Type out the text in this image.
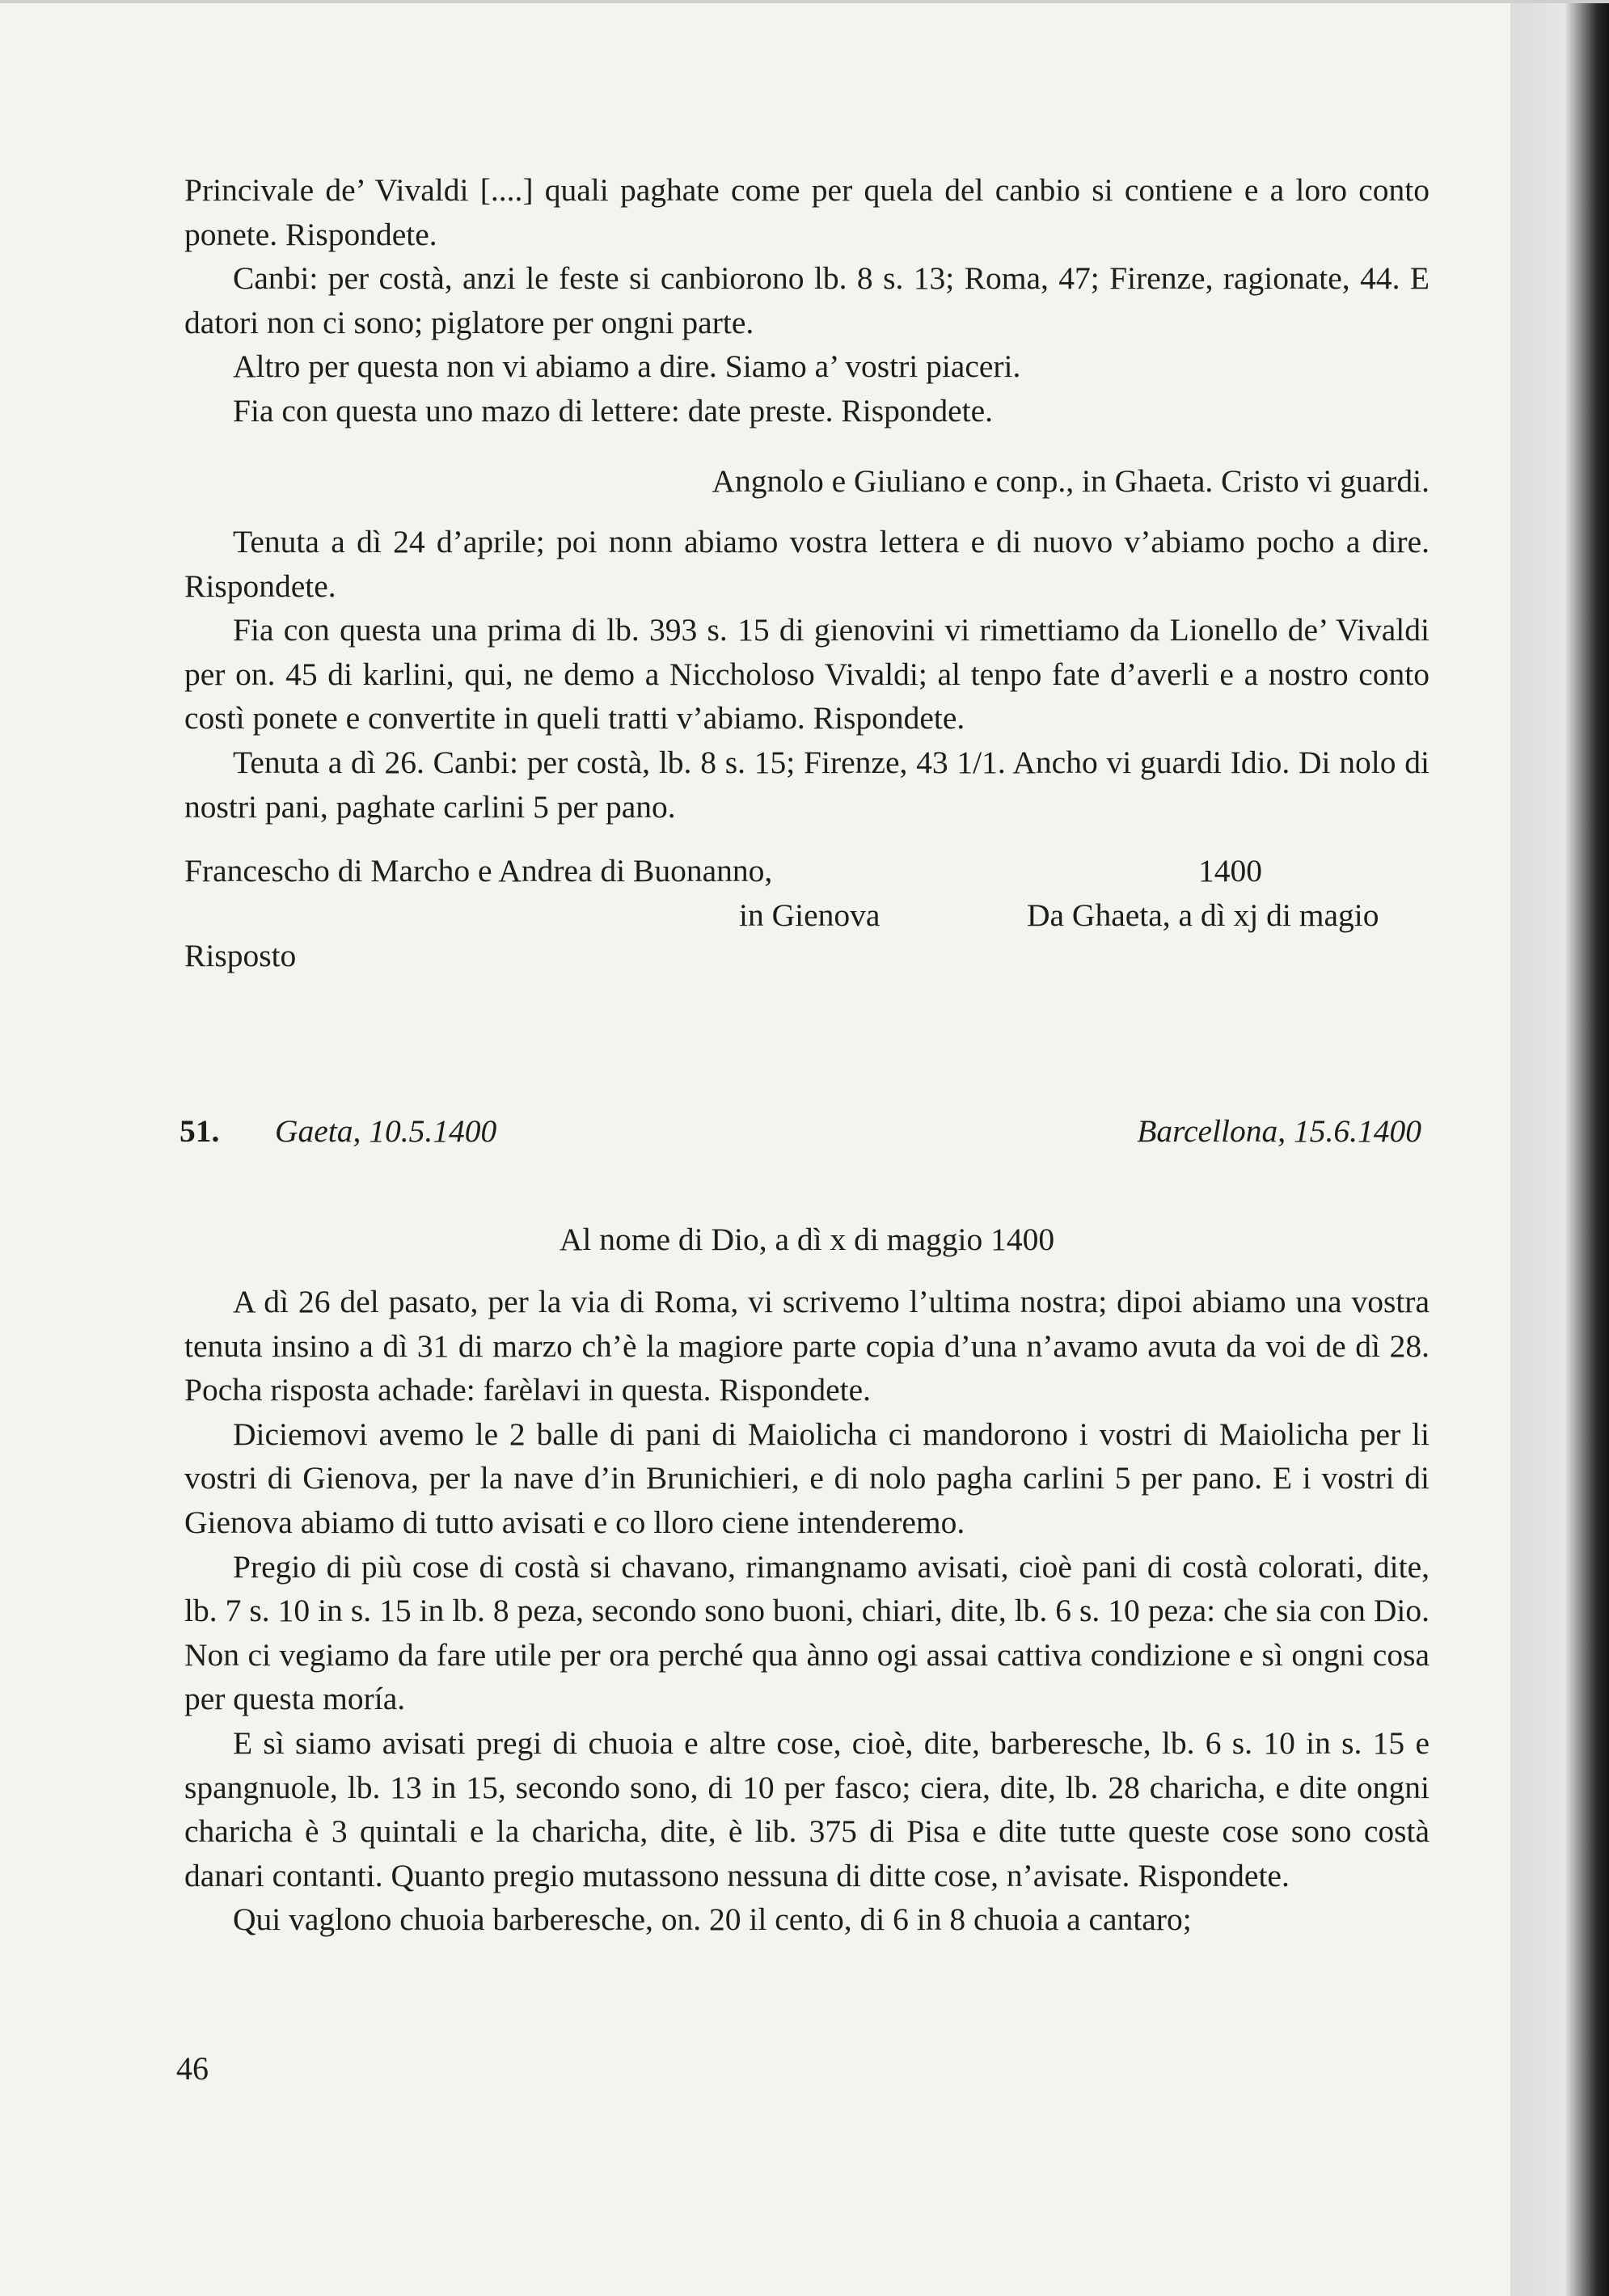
Princivale de’ Vivaldi [....] quali paghate come per quela del canbio si contiene e a loro conto ponete. Rispondete.

Canbi: per costà, anzi le feste si canbiorono lb. 8 s. 13; Roma, 47; Firenze, ragionate, 44. E datori non ci sono; piglatore per ongni parte.

Altro per questa non vi abiamo a dire. Siamo a’ vostri piaceri.

Fia con questa uno mazo di lettere: date preste. Rispondete.

Angnolo e Giuliano e conp., in Ghaeta. Cristo vi guardi.

Tenuta a dì 24 d’aprile; poi nonn abiamo vostra lettera e di nuovo v’abiamo pocho a dire. Rispondete.

Fia con questa una prima di lb. 393 s. 15 di gienovini vi rimettiamo da Lionello de’ Vivaldi per on. 45 di karlini, qui, ne demo a Niccholoso Vivaldi; al tenpo fate d’averli e a nostro conto costì ponete e convertite in queli tratti v’abiamo. Rispondete.

Tenuta a dì 26. Canbi: per costà, lb. 8 s. 15; Firenze, 43 1/1. Ancho vi guardi Idio. Di nolo di nostri pani, paghate carlini 5 per pano.

Francescho di Marcho e Andrea di Buonanno,	1400
in Gienova	Da Ghaeta, a dì xj di magio
Risposto
51. Gaeta, 10.5.1400	Barcellona, 15.6.1400
Al nome di Dio, a dì x di maggio 1400

A dì 26 del pasato, per la via di Roma, vi scrivemo l’ultima nostra; dipoi abiamo una vostra tenuta insino a dì 31 di marzo ch’è la magiore parte copia d’una n’avamo avuta da voi de dì 28. Pocha risposta achade: farèlavi in questa. Rispondete.

Diciemovi avemo le 2 balle di pani di Maiolicha ci mandorono i vostri di Maiolicha per li vostri di Gienova, per la nave d’in Brunichieri, e di nolo pagha carlini 5 per pano. E i vostri di Gienova abiamo di tutto avisati e co lloro ciene intenderemo.

Pregio di più cose di costà si chavano, rimangnamo avisati, cioè pani di costà colorati, dite, lb. 7 s. 10 in s. 15 in lb. 8 peza, secondo sono buoni, chiari, dite, lb. 6 s. 10 peza: che sia con Dio. Non ci vegiamo da fare utile per ora perché qua ànno ogi assai cattiva condizione e sì ongni cosa per questa moría.

E sì siamo avisati pregi di chuoia e altre cose, cioè, dite, barberesche, lb. 6 s. 10 in s. 15 e spangnuole, lb. 13 in 15, secondo sono, di 10 per fasco; ciera, dite, lb. 28 charicha, e dite ongni charicha è 3 quintali e la charicha, dite, è lib. 375 di Pisa e dite tutte queste cose sono costà danari contanti. Quanto pregio mutassono nessuna di ditte cose, n’avisate. Rispondete.

Qui vaglono chuoia barberesche, on. 20 il cento, di 6 in 8 chuoia a cantaro;

46
